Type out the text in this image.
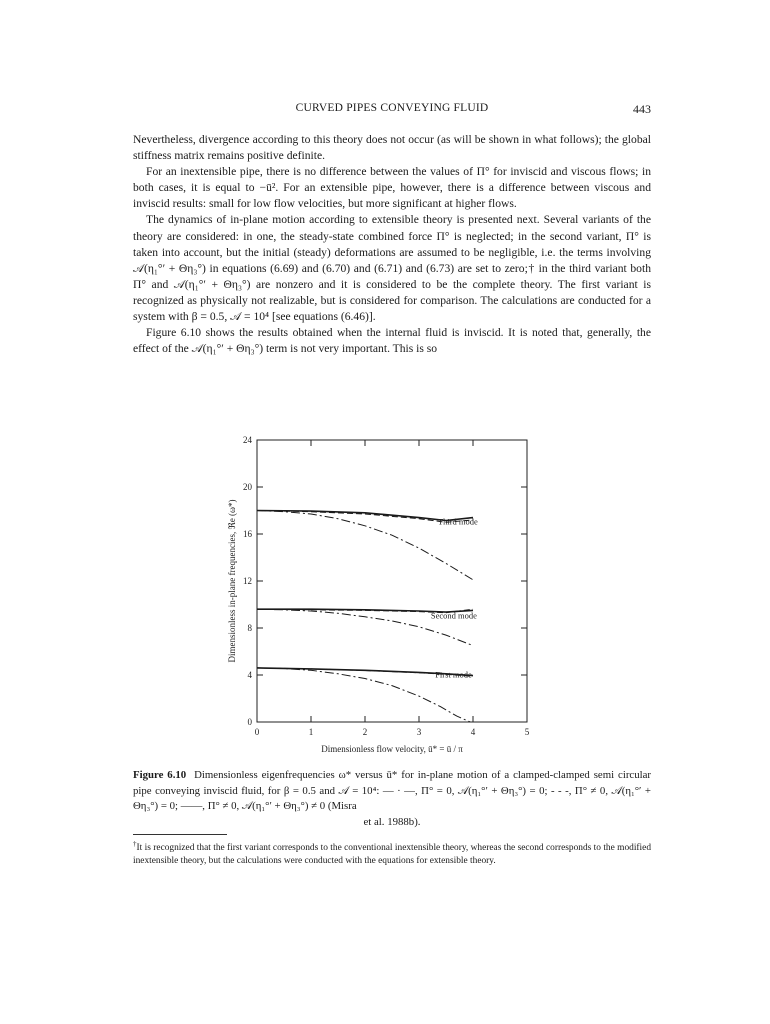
CURVED PIPES CONVEYING FLUID	443

Nevertheless, divergence according to this theory does not occur (as will be shown in what follows); the global stiffness matrix remains positive definite.

For an inextensible pipe, there is no difference between the values of Π° for inviscid and viscous flows; in both cases, it is equal to −ū². For an extensible pipe, however, there is a difference between viscous and inviscid results: small for low flow velocities, but more significant at higher flows.

The dynamics of in-plane motion according to extensible theory is presented next. Several variants of the theory are considered: in one, the steady-state combined force Π° is neglected; in the second variant, Π° is taken into account, but the initial (steady) deformations are assumed to be negligible, i.e. the terms involving 𝒜(η₁°′ + Θη₃°) in equations (6.69) and (6.70) and (6.71) and (6.73) are set to zero;† in the third variant both Π° and 𝒜(η₁°′ + Θη₃°) are nonzero and it is considered to be the complete theory. The first variant is recognized as physically not realizable, but is considered for comparison. The calculations are conducted for a system with β = 0.5, 𝒜 = 10⁴ [see equations (6.46)].

Figure 6.10 shows the results obtained when the internal fluid is inviscid. It is noted that, generally, the effect of the 𝒜(η₁°′ + Θη₃°) term is not very important. This is so

0	1	2	3	4	5
0
4
8
12
16
20
24
Dimensionless flow velocity, ū* = ū / π
Dimensionless in-plane frequencies, ℜe (ω*)	Third mode
Second mode
First mode
Figure 6.10 Dimensionless eigenfrequencies ω* versus ū* for in-plane motion of a clamped-clamped semi circular pipe conveying inviscid fluid, for β = 0.5 and 𝒜 = 10⁴: — · —, Π° = 0, 𝒜(η₁°′ + Θη₃°) = 0; - - -, Π° ≠ 0, 𝒜(η₁°′ + Θη₃°) = 0; ——, Π° ≠ 0, 𝒜(η₁°′ + Θη₃°) ≠ 0 (Misra
et al. 1988b).
†It is recognized that the first variant corresponds to the conventional inextensible theory, whereas the second corresponds to the modified inextensible theory, but the calculations were conducted with the equations for extensible theory.
